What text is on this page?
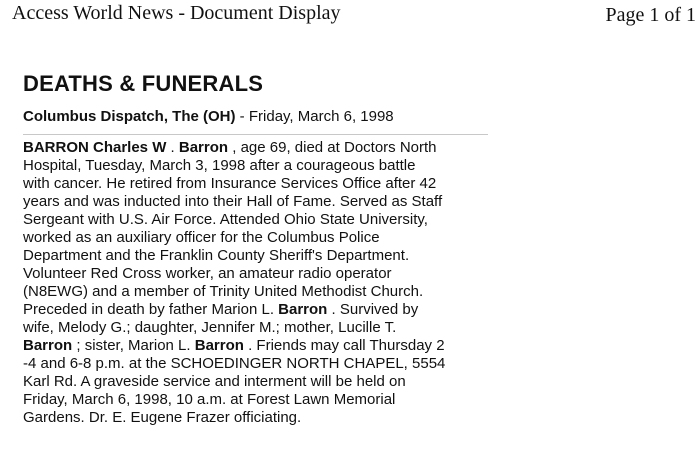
Access World News - Document Display	Page 1 of 1
DEATHS & FUNERALS
Columbus Dispatch, The (OH) - Friday, March 6, 1998
BARRON Charles W . Barron , age 69, died at Doctors North
Hospital, Tuesday, March 3, 1998 after a courageous battle
with cancer. He retired from Insurance Services Office after 42
years and was inducted into their Hall of Fame. Served as Staff
Sergeant with U.S. Air Force. Attended Ohio State University,
worked as an auxiliary officer for the Columbus Police
Department and the Franklin County Sheriff's Department.
Volunteer Red Cross worker, an amateur radio operator
(N8EWG) and a member of Trinity United Methodist Church.
Preceded in death by father Marion L. Barron . Survived by
wife, Melody G.; daughter, Jennifer M.; mother, Lucille T.
Barron ; sister, Marion L. Barron . Friends may call Thursday 2
-4 and 6-8 p.m. at the SCHOEDINGER NORTH CHAPEL, 5554
Karl Rd. A graveside service and interment will be held on
Friday, March 6, 1998, 10 a.m. at Forest Lawn Memorial
Gardens. Dr. E. Eugene Frazer officiating.
